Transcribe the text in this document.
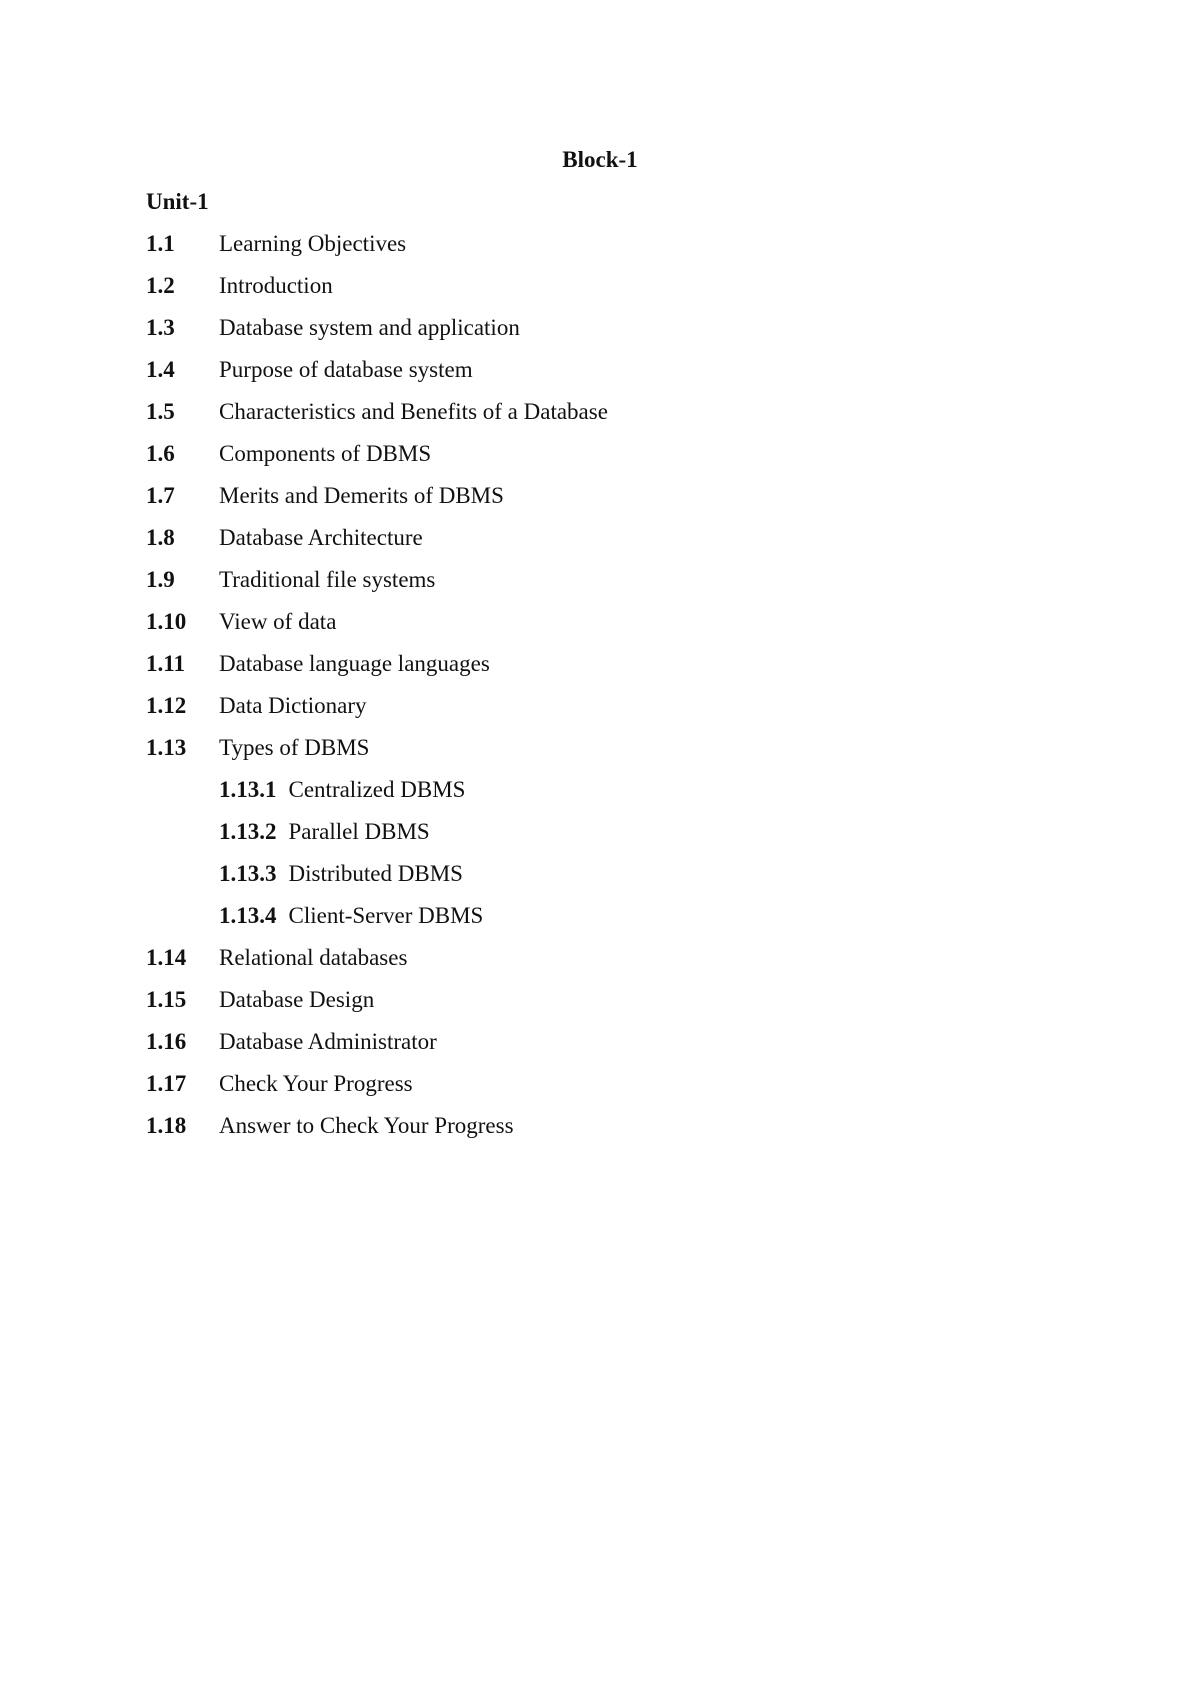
Block-1
Unit-1
1.1	Learning Objectives
1.2	Introduction
1.3	Database system and application
1.4	Purpose of database system
1.5	Characteristics and Benefits of a Database
1.6	Components of DBMS
1.7	Merits and Demerits of DBMS
1.8	Database Architecture
1.9	Traditional file systems
1.10	View of data
1.11	Database language languages
1.12	Data Dictionary
1.13	Types of DBMS
1.13.1 Centralized DBMS
1.13.2 Parallel DBMS
1.13.3 Distributed DBMS
1.13.4 Client-Server DBMS
1.14	Relational databases
1.15	Database Design
1.16	Database Administrator
1.17	Check Your Progress
1.18	Answer to Check Your Progress
